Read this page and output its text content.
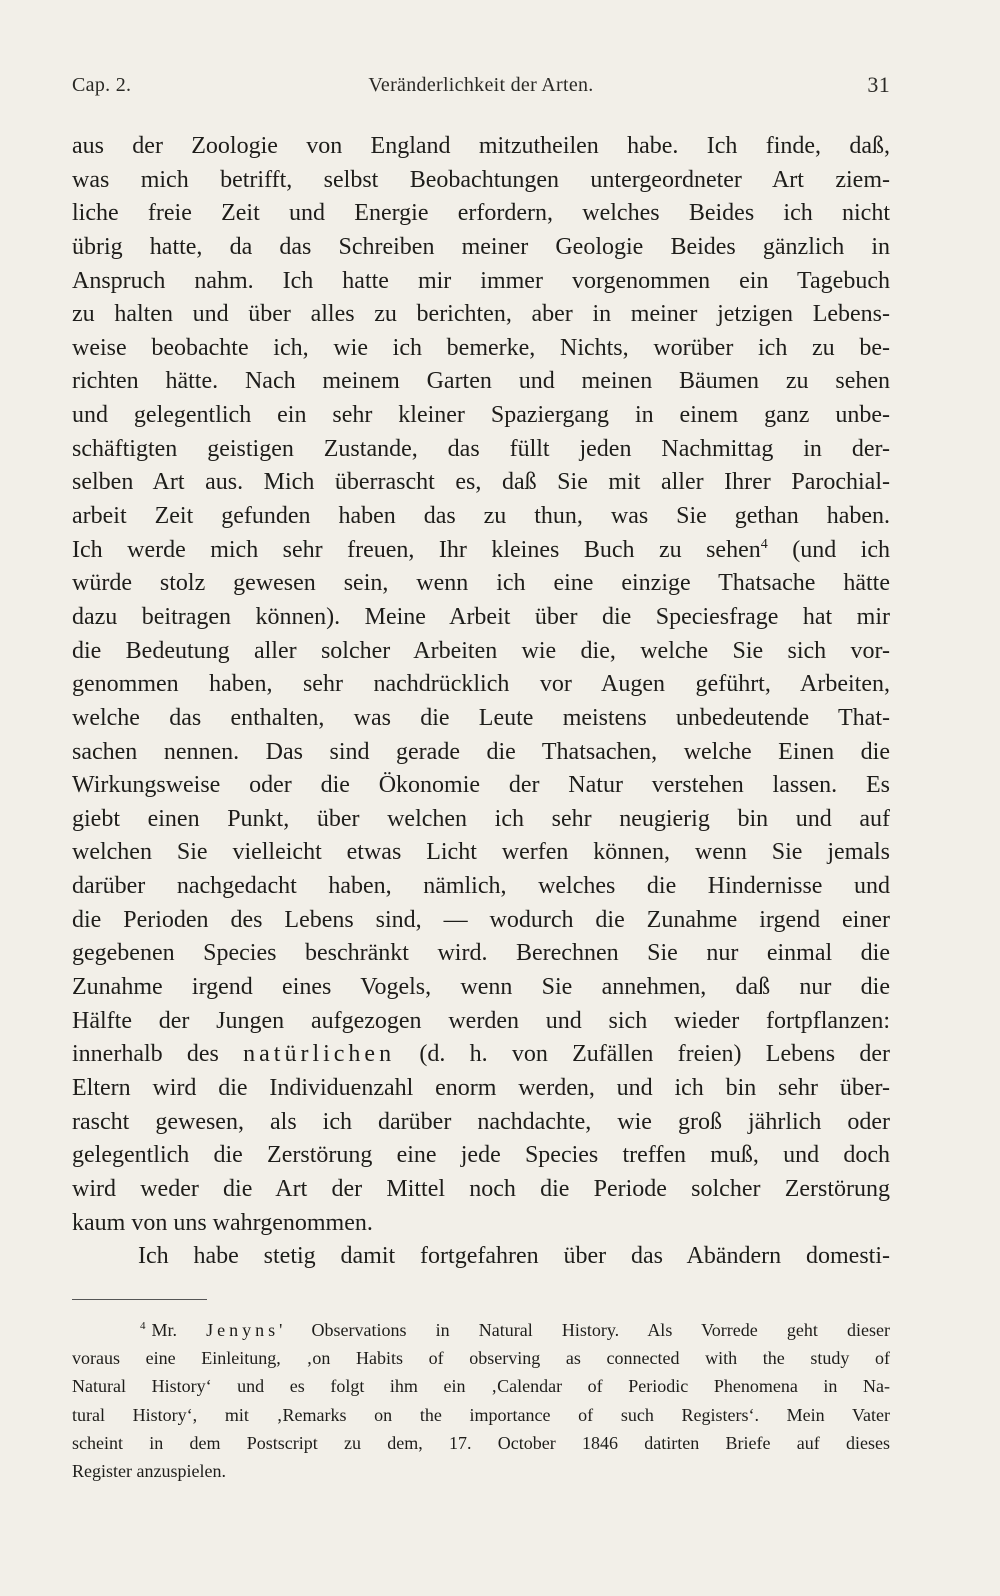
Cap. 2.	Veränderlichkeit der Arten.	31
aus der Zoologie von England mitzutheilen habe. Ich finde, daß,
was mich betrifft, selbst Beobachtungen untergeordneter Art ziem-
liche freie Zeit und Energie erfordern, welches Beides ich nicht
übrig hatte, da das Schreiben meiner Geologie Beides gänzlich in
Anspruch nahm. Ich hatte mir immer vorgenommen ein Tagebuch
zu halten und über alles zu berichten, aber in meiner jetzigen Lebens-
weise beobachte ich, wie ich bemerke, Nichts, worüber ich zu be-
richten hätte. Nach meinem Garten und meinen Bäumen zu sehen
und gelegentlich ein sehr kleiner Spaziergang in einem ganz unbe-
schäftigten geistigen Zustande, das füllt jeden Nachmittag in der-
selben Art aus. Mich überrascht es, daß Sie mit aller Ihrer Parochial-
arbeit Zeit gefunden haben das zu thun, was Sie gethan haben.
Ich werde mich sehr freuen, Ihr kleines Buch zu sehen$^4$ (und ich
würde stolz gewesen sein, wenn ich eine einzige Thatsache hätte
dazu beitragen können). Meine Arbeit über die Speciesfrage hat mir
die Bedeutung aller solcher Arbeiten wie die, welche Sie sich vor-
genommen haben, sehr nachdrücklich vor Augen geführt, Arbeiten,
welche das enthalten, was die Leute meistens unbedeutende That-
sachen nennen. Das sind gerade die Thatsachen, welche Einen die
Wirkungsweise oder die Ökonomie der Natur verstehen lassen. Es
giebt einen Punkt, über welchen ich sehr neugierig bin und auf
welchen Sie vielleicht etwas Licht werfen können, wenn Sie jemals
darüber nachgedacht haben, nämlich, welches die Hindernisse und
die Perioden des Lebens sind, — wodurch die Zunahme irgend einer
gegebenen Species beschränkt wird. Berechnen Sie nur einmal die
Zunahme irgend eines Vogels, wenn Sie annehmen, daß nur die
Hälfte der Jungen aufgezogen werden und sich wieder fortpflanzen:
innerhalb des natürlichen (d. h. von Zufällen freien) Lebens der
Eltern wird die Individuenzahl enorm werden, und ich bin sehr über-
rascht gewesen, als ich darüber nachdachte, wie groß jährlich oder
gelegentlich die Zerstörung eine jede Species treffen muß, und doch
wird weder die Art der Mittel noch die Periode solcher Zerstörung
kaum von uns wahrgenommen.
Ich habe stetig damit fortgefahren über das Abändern domesti-
$^4$ Mr. Jenyns' Observations in Natural History. Als Vorrede geht dieser
voraus eine Einleitung, ‚on Habits of observing as connected with the study of
Natural History‘ und es folgt ihm ein ‚Calendar of Periodic Phenomena in Na-
tural History‘, mit ‚Remarks on the importance of such Registers‘. Mein Vater
scheint in dem Postscript zu dem, 17. October 1846 datirten Briefe auf dieses
Register anzuspielen.
